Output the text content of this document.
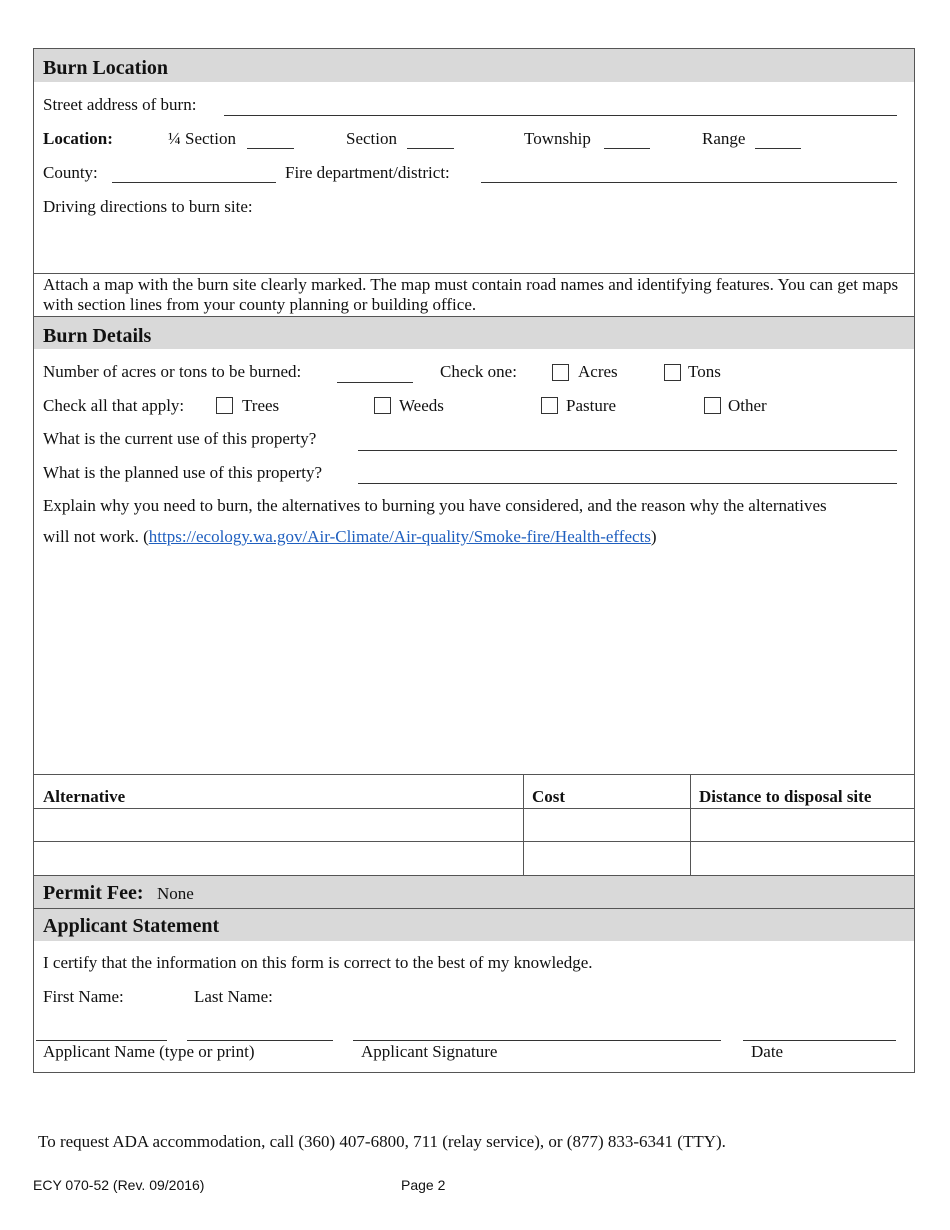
Burn Location
Street address of burn:
Location:	¼ Section	Section	Township	Range
County:	Fire department/district:
Driving directions to burn site:
Attach a map with the burn site clearly marked. The map must contain road names and identifying features. You can get maps with section lines from your county planning or building office.
Burn Details
Number of acres or tons to be burned:	Check one:	Acres	Tons
Check all that apply:	Trees	Weeds	Pasture	Other
What is the current use of this property?
What is the planned use of this property?
Explain why you need to burn, the alternatives to burning you have considered, and the reason why the alternatives
will not work. (https://ecology.wa.gov/Air-Climate/Air-quality/Smoke-fire/Health-effects)
Alternative	Cost	Distance to disposal site
Permit Fee: None
Applicant Statement
I certify that the information on this form is correct to the best of my knowledge.
First Name:	Last Name:
Applicant Name (type or print)	Applicant Signature	Date
To request ADA accommodation, call (360) 407-6800, 711 (relay service), or (877) 833-6341 (TTY).
ECY 070-52 (Rev. 09/2016)	Page 2
